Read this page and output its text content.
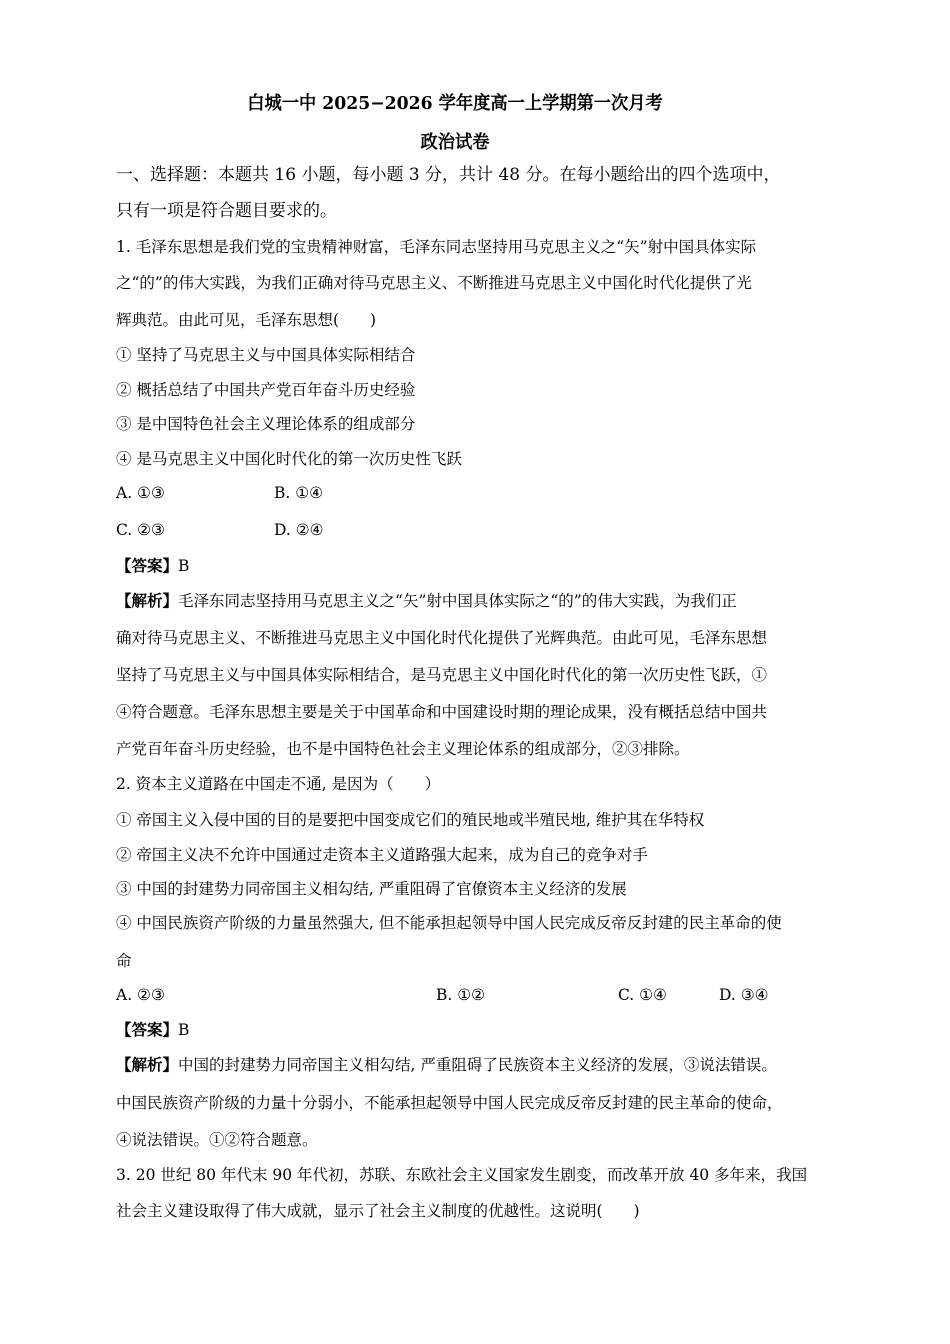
白城一中 2025−2026 学年度高一上学期第一次月考
政治试卷
一、选择题：本题共 16 小题，每小题 3 分，共计 48 分。在每小题给出的四个选项中，
只有一项是符合题目要求的。
1. 毛泽东思想是我们党的宝贵精神财富，毛泽东同志坚持用马克思主义之“矢”射中国具体实际
之“的”的伟大实践，为我们正确对待马克思主义、不断推进马克思主义中国化时代化提供了光
辉典范。由此可见，毛泽东思想(　　)
① 坚持了马克思主义与中国具体实际相结合
② 概括总结了中国共产党百年奋斗历史经验
③ 是中国特色社会主义理论体系的组成部分
④ 是马克思主义中国化时代化的第一次历史性飞跃
A. ①③	B. ①④
C. ②③	D. ②④
【答案】B
【解析】毛泽东同志坚持用马克思主义之“矢”射中国具体实际之“的”的伟大实践，为我们正
确对待马克思主义、不断推进马克思主义中国化时代化提供了光辉典范。由此可见，毛泽东思想
坚持了马克思主义与中国具体实际相结合，是马克思主义中国化时代化的第一次历史性飞跃，①
④符合题意。毛泽东思想主要是关于中国革命和中国建设时期的理论成果，没有概括总结中国共
产党百年奋斗历史经验，也不是中国特色社会主义理论体系的组成部分，②③排除。
2. 资本主义道路在中国走不通, 是因为（　　）
① 帝国主义入侵中国的目的是要把中国变成它们的殖民地或半殖民地, 维护其在华特权
② 帝国主义决不允许中国通过走资本主义道路强大起来，成为自己的竞争对手
③ 中国的封建势力同帝国主义相勾结, 严重阻碍了官僚资本主义经济的发展
④ 中国民族资产阶级的力量虽然强大, 但不能承担起领导中国人民完成反帝反封建的民主革命的使
命
A. ②③	B. ①②	C. ①④	D. ③④
【答案】B
【解析】中国的封建势力同帝国主义相勾结, 严重阻碍了民族资本主义经济的发展，③说法错误。
中国民族资产阶级的力量十分弱小，不能承担起领导中国人民完成反帝反封建的民主革命的使命，
④说法错误。①②符合题意。
3. 20 世纪 80 年代末 90 年代初，苏联、东欧社会主义国家发生剧变，而改革开放 40 多年来，我国
社会主义建设取得了伟大成就，显示了社会主义制度的优越性。这说明(　　)
